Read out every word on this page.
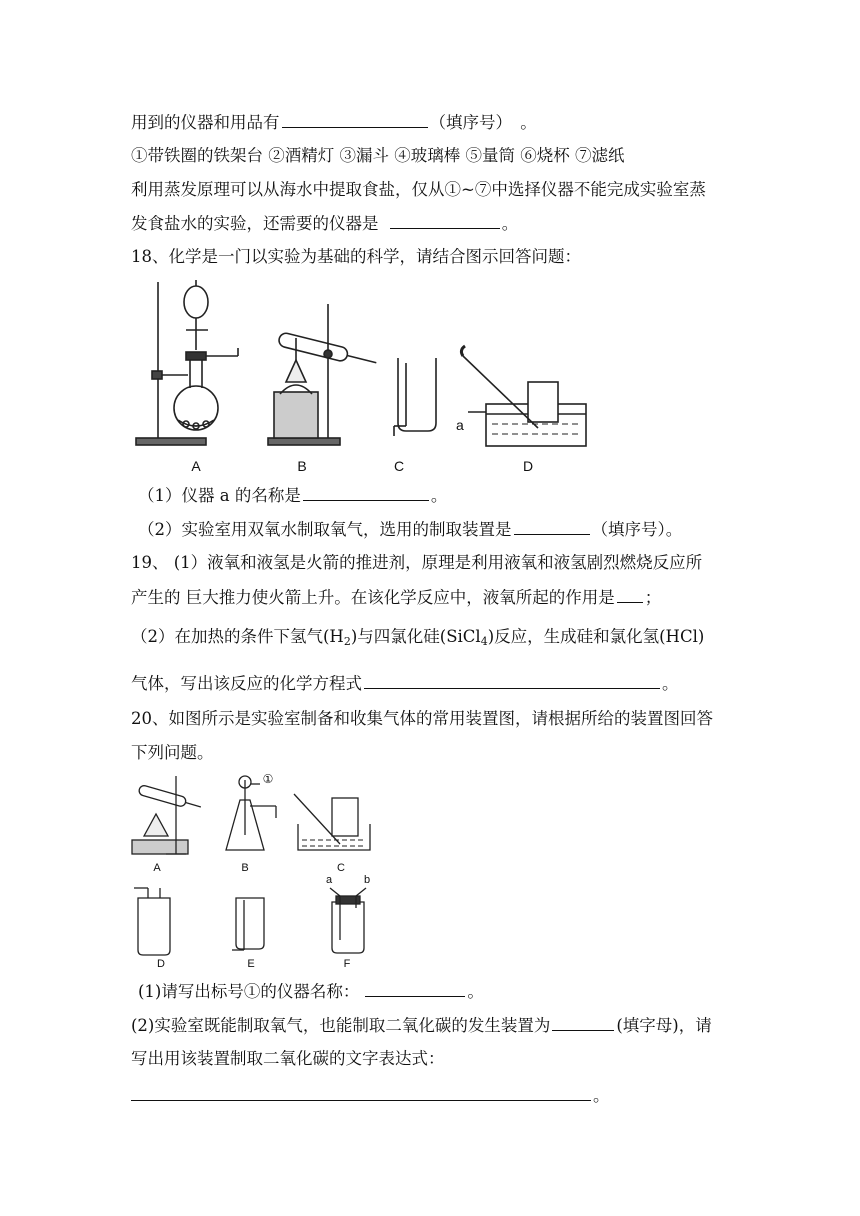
用到的仪器和用品有	（填序号）　。
①带铁圈的铁架台 ②酒精灯 ③漏斗 ④玻璃棒 ⑤量筒 ⑥烧杯 ⑦滤纸
利用蒸发原理可以从海水中提取食盐，仅从①~⑦中选择仪器不能完成实验室蒸
发食盐水的实验，还需要的仪器是	。
18、化学是一门以实验为基础的科学，请结合图示回答问题：
A	B	C	D
a
（1）仪器 a 的名称是	。
（2）实验室用双氧水制取氧气，选用的制取装置是	（填序号）。
19、 (1）液氧和液氢是火箭的推进剂，原理是利用液氧和液氢剧烈燃烧反应所
产生的 巨大推力使火箭上升。在该化学反应中，液氧所起的作用是 ；
（2）在加热的条件下氢气$(H_2)$与四氯化硅(SiCl$_4$)反应，生成硅和氯化氢(HCl)
气体，写出该反应的化学方程式	。
20、如图所示是实验室制备和收集气体的常用装置图，请根据所给的装置图回答
下列问题。
A	B	C
D	E	F
①
a	b
(1)请写出标号①的仪器名称：	。
(2)实验室既能制取氧气，也能制取二氧化碳的发生装置为	(填字母)，请
写出用该装置制取二氧化碳的文字表达式：
。
